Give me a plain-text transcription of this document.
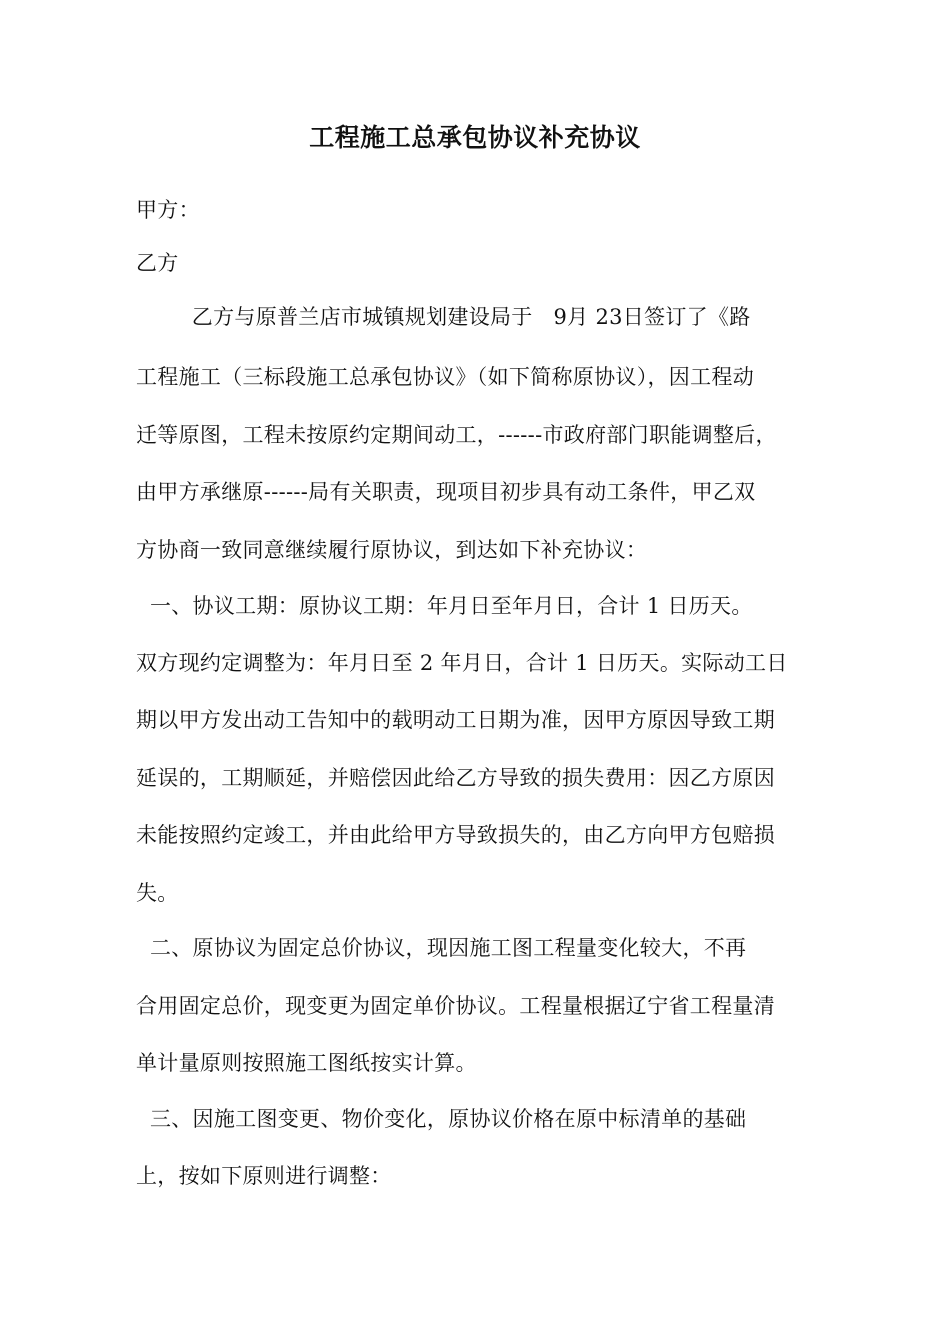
工程施工总承包协议补充协议
甲方：
乙方
乙方与原普兰店市城镇规划建设局于   9月 23日签订了《路
工程施工（三标段施工总承包协议》（如下简称原协议），因工程动
迁等原图，工程未按原约定期间动工，------市政府部门职能调整后，
由甲方承继原------局有关职责，现项目初步具有动工条件，甲乙双
方协商一致同意继续履行原协议，到达如下补充协议：
一、协议工期：原协议工期：年月日至年月日，合计 1 日历天。
双方现约定调整为：年月日至 2 年月日，合计 1 日历天。实际动工日
期以甲方发出动工告知中的载明动工日期为准，因甲方原因导致工期
延误的，工期顺延，并赔偿因此给乙方导致的损失费用：因乙方原因
未能按照约定竣工，并由此给甲方导致损失的，由乙方向甲方包赔损
失。
二、原协议为固定总价协议，现因施工图工程量变化较大，不再
合用固定总价，现变更为固定单价协议。工程量根据辽宁省工程量清
单计量原则按照施工图纸按实计算。
三、因施工图变更、物价变化，原协议价格在原中标清单的基础
上，按如下原则进行调整：
